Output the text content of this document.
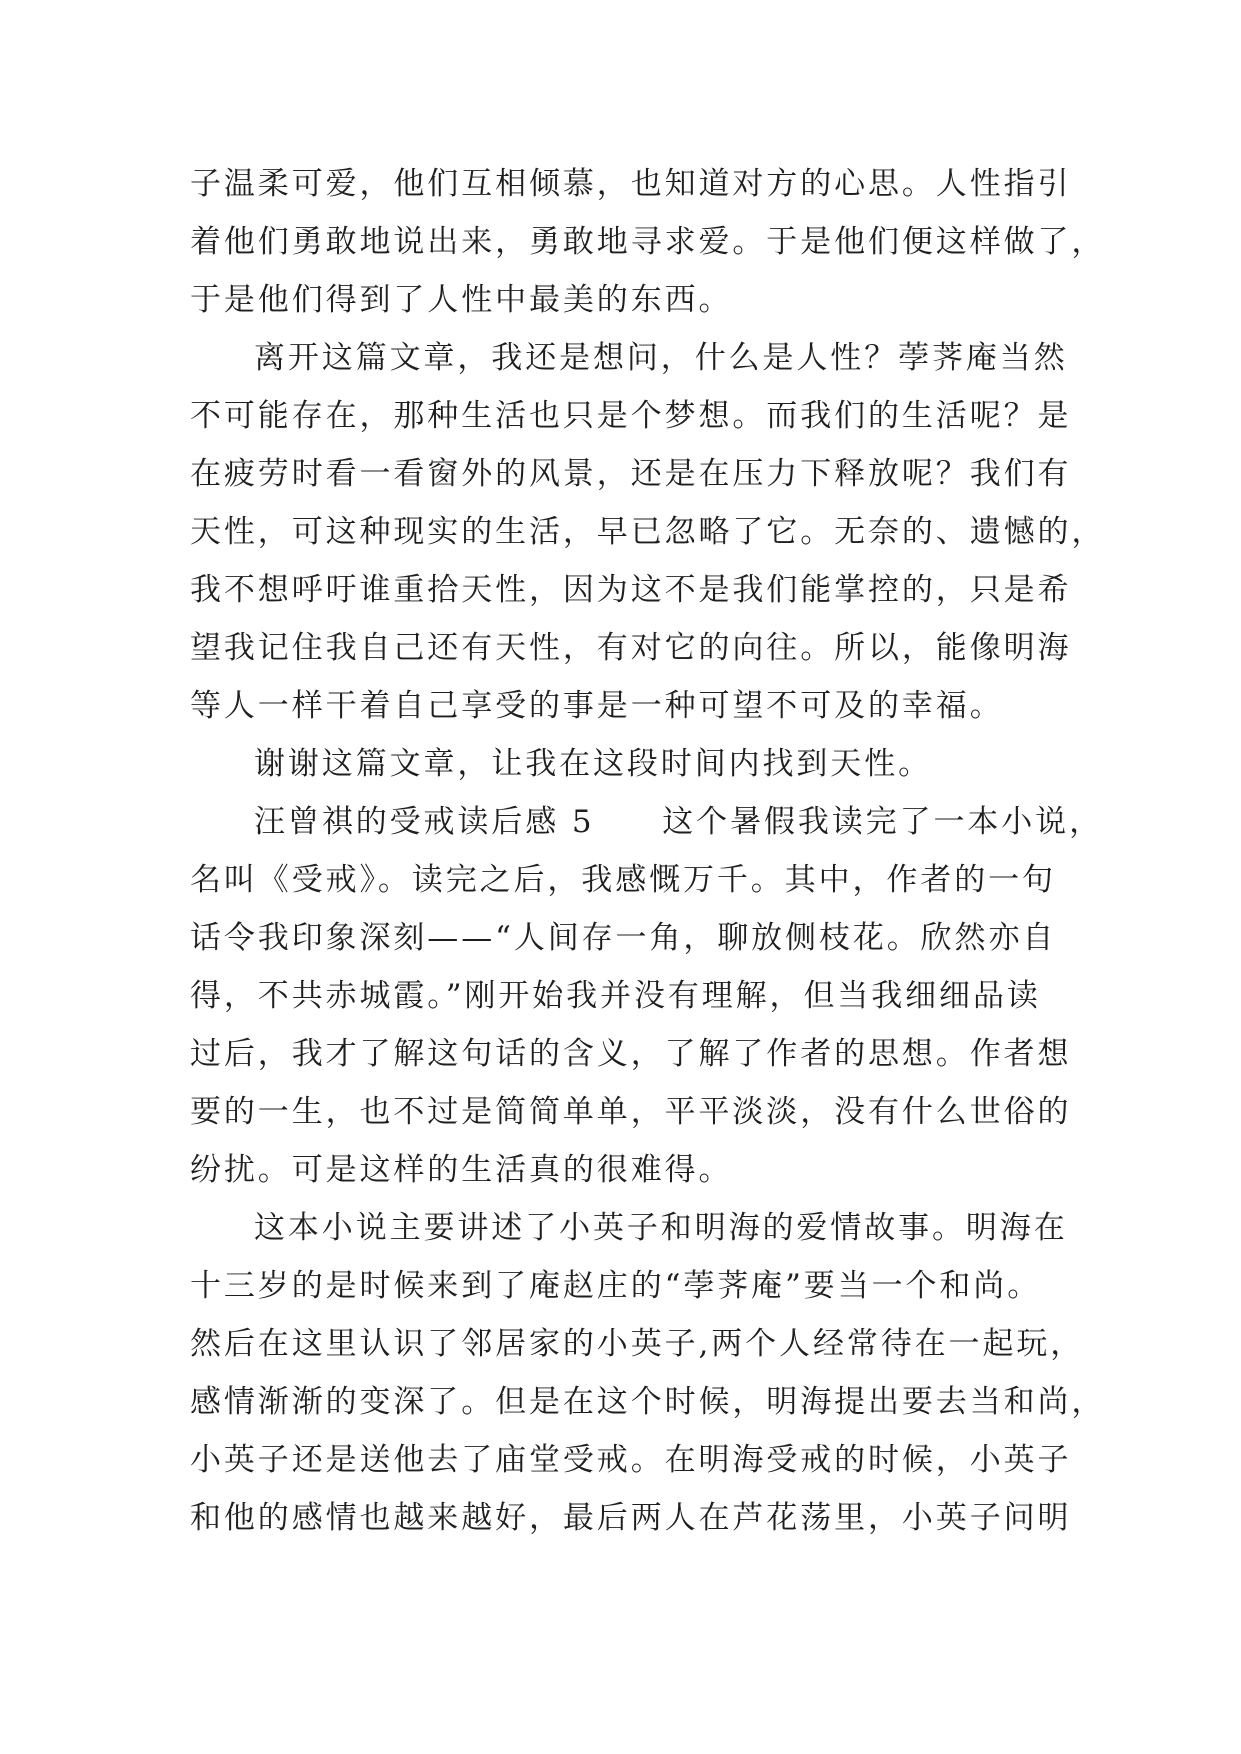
子温柔可爱，他们互相倾慕，也知道对方的心思。人性指引
着他们勇敢地说出来，勇敢地寻求爱。于是他们便这样做了，
于是他们得到了人性中最美的东西。
离开这篇文章，我还是想问，什么是人性？荸荠庵当然
不可能存在，那种生活也只是个梦想。而我们的生活呢？是
在疲劳时看一看窗外的风景，还是在压力下释放呢？我们有
天性，可这种现实的生活，早已忽略了它。无奈的、遗憾的，
我不想呼吁谁重拾天性，因为这不是我们能掌控的，只是希
望我记住我自己还有天性，有对它的向往。所以，能像明海
等人一样干着自己享受的事是一种可望不可及的幸福。
谢谢这篇文章，让我在这段时间内找到天性。
汪曾祺的受戒读后感 5　　这个暑假我读完了一本小说，
名叫《受戒》。读完之后，我感慨万千。其中，作者的一句
话令我印象深刻——“人间存一角，聊放侧枝花。欣然亦自
得，不共赤城霞。”刚开始我并没有理解，但当我细细品读
过后，我才了解这句话的含义，了解了作者的思想。作者想
要的一生，也不过是简简单单，平平淡淡，没有什么世俗的
纷扰。可是这样的生活真的很难得。
这本小说主要讲述了小英子和明海的爱情故事。明海在
十三岁的是时候来到了庵赵庄的“荸荠庵”要当一个和尚。
然后在这里认识了邻居家的小英子,两个人经常待在一起玩，
感情渐渐的变深了。但是在这个时候，明海提出要去当和尚，
小英子还是送他去了庙堂受戒。在明海受戒的时候，小英子
和他的感情也越来越好，最后两人在芦花荡里，小英子问明
